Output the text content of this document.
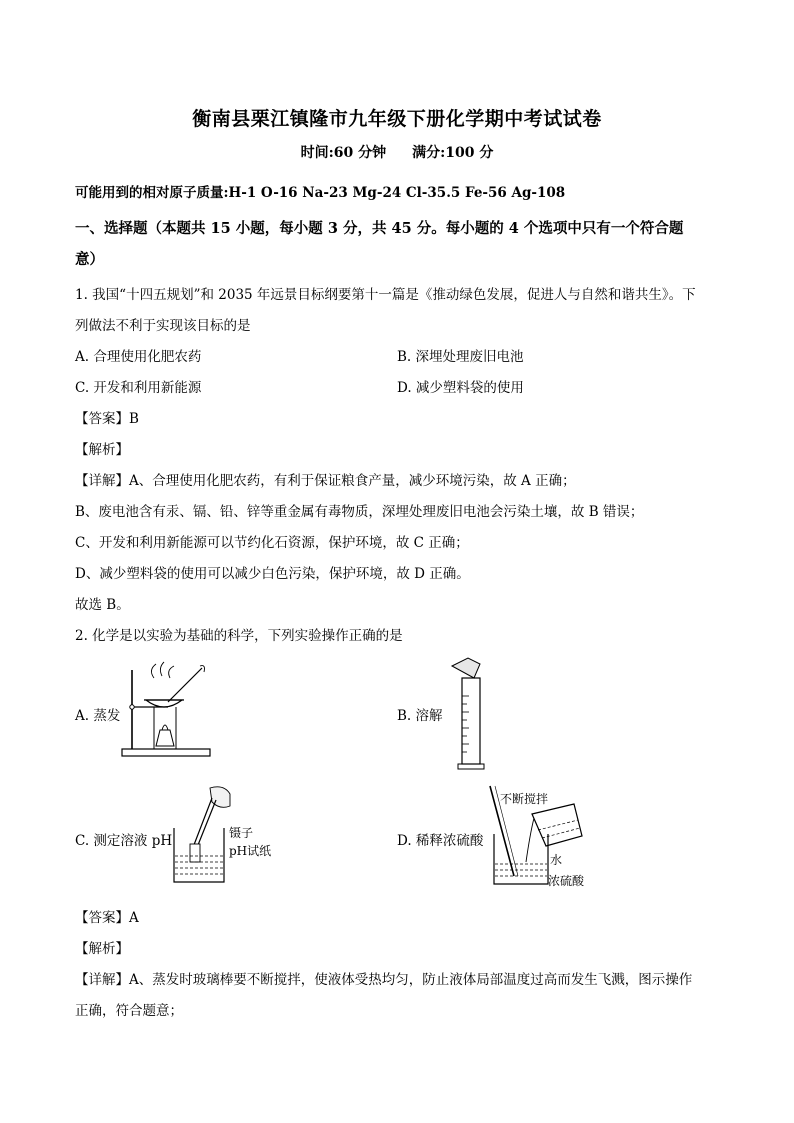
衡南县栗江镇隆市九年级下册化学期中考试试卷
时间:60 分钟 满分:100 分
可能用到的相对原子质量:H-1 O-16 Na-23 Mg-24 Cl-35.5 Fe-56 Ag-108
一、选择题（本题共 15 小题，每小题 3 分，共 45 分。每小题的 4 个选项中只有一个符合题
意）
1. 我国“十四五规划”和 2035 年远景目标纲要第十一篇是《推动绿色发展，促进人与自然和谐共生》。下
列做法不利于实现该目标的是
A. 合理使用化肥农药	B. 深埋处理废旧电池
C. 开发和利用新能源	D. 减少塑料袋的使用
【答案】B
【解析】
【详解】A、合理使用化肥农药，有利于保证粮食产量，减少环境污染，故 A 正确；
B、废电池含有汞、镉、铅、锌等重金属有毒物质，深埋处理废旧电池会污染土壤，故 B 错误；
C、开发和利用新能源可以节约化石资源，保护环境，故 C 正确；
D、减少塑料袋的使用可以减少白色污染，保护环境，故 D 正确。
故选 B。
2. 化学是以实验为基础的科学，下列实验操作正确的是
A. 蒸发	B. 溶解
C. 测定溶液 pH	镊子
pH试纸
D. 稀释浓硫酸
不断搅拌
水
浓硫酸
【答案】A
【解析】
【详解】A、蒸发时玻璃棒要不断搅拌，使液体受热均匀，防止液体局部温度过高而发生飞溅，图示操作
正确，符合题意；
